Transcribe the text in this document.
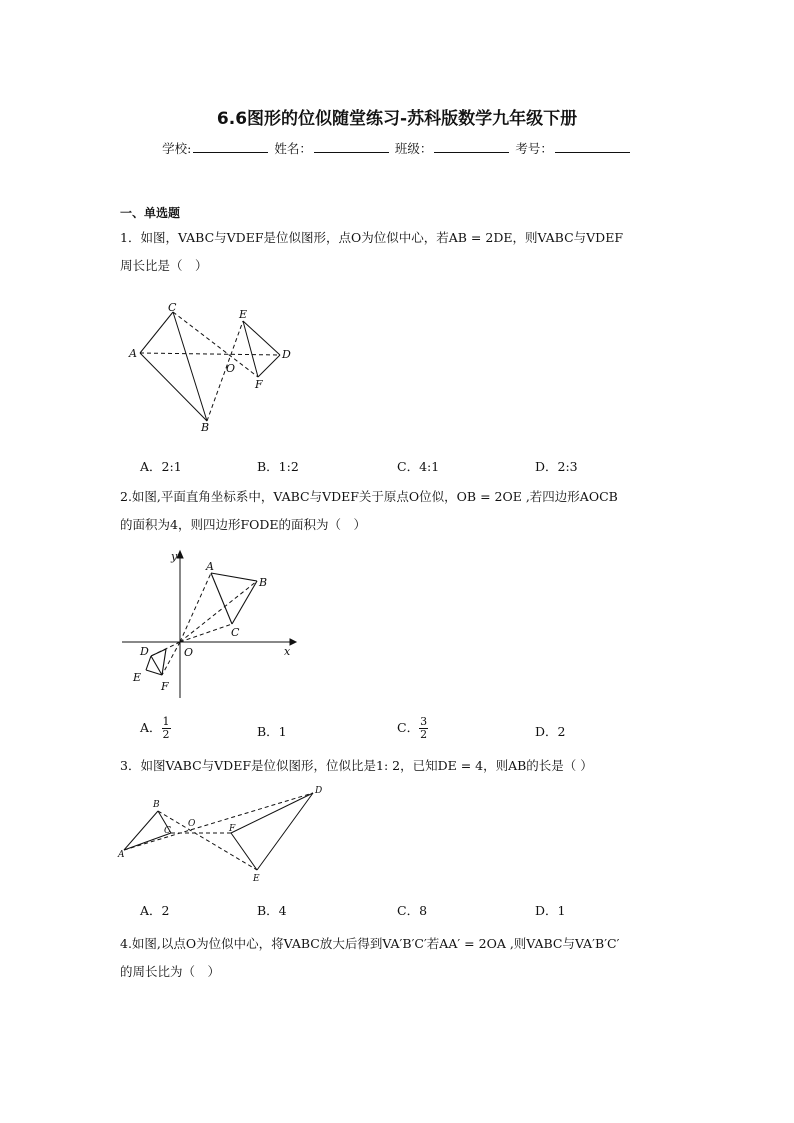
6.6图形的位似随堂练习-苏科版数学九年级下册
学校:	姓名：	班级：	考号：
一、单选题
1．如图，VABC与VDEF是位似图形，点O为位似中心，若AB = 2DE，则VABC与VDEF
周长比是（　）
A
C
B
E
D
F
O
A．2:1	B．1:2	C．4:1	D．2:3
2.如图,平面直角坐标系中，VABC与VDEF关于原点O位似，OB = 2OE ,若四边形AOCB
的面积为4，则四边形FODE的面积为（　）
y
x
O
A
B
C
D
E
F
A． $\frac{1}{2}$	B．1	C． $\frac{3}{2}$	D．2
3．如图VABC与VDEF是位似图形，位似比是1: 2，已知DE = 4，则AB的长是（ ）
B
A
C
O	F
D
E
A．2	B．4	C．8	D．1
4.如图,以点O为位似中心，将VABC放大后得到VA′B′C′若AA′ = 2OA ,则VABC与VA′B′C′
的周长比为（　）
